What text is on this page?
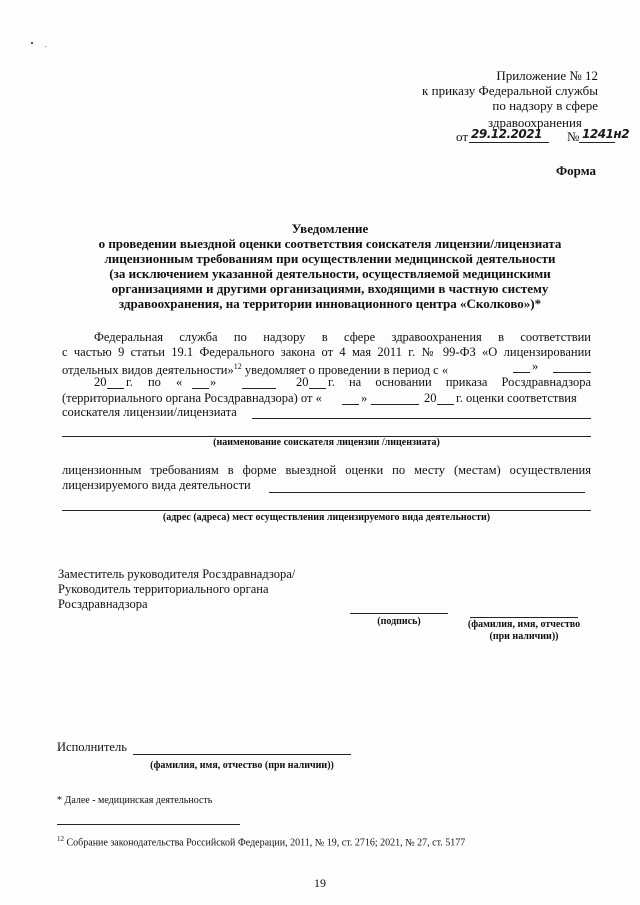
Приложение № 12
к приказу Федеральной службы
по надзору в сфере
здравоохранения
от 29.12.2021 № 1241н2
Форма
Уведомление
о проведении выездной оценки соответствия соискателя лицензии/лицензиата
лицензионным требованиям при осуществлении медицинской деятельности
(за исключением указанной деятельности, осуществляемой медицинскими
организациями и другими организациями, входящими в частную систему
здравоохранения, на территории инновационного центра «Сколково»)*
Федеральная служба по надзору в сфере здравоохранения в соответствии
с частью 9 статьи 19.1 Федерального закона от 4 мая 2011 г. № 99-ФЗ «О лицензировании
отдельных видов деятельности»$^{12}$ уведомляет о проведении в период с «	»
20 г. по « »	20 г. на основании приказа Росздравнадзора
(территориального органа Росздравнадзора) от «	»	20 г. оценки соответствия
соискателя лицензии/лицензиата
(наименование соискателя лицензии /лицензиата)
лицензионным требованиям в форме выездной оценки по месту (местам) осуществления
лицензируемого вида деятельности
(адрес (адреса) мест осуществления лицензируемого вида деятельности)
Заместитель руководителя Росздравнадзора/
Руководитель территориального органа
Росздравнадзора
(подпись)	(фамилия, имя, отчество
(при наличии))
Исполнитель
(фамилия, имя, отчество (при наличии))
* Далее - медицинская деятельность
$^{12}$ Собрание законодательства Российской Федерации, 2011, № 19, ст. 2716; 2021, № 27, ст. 5177
19
